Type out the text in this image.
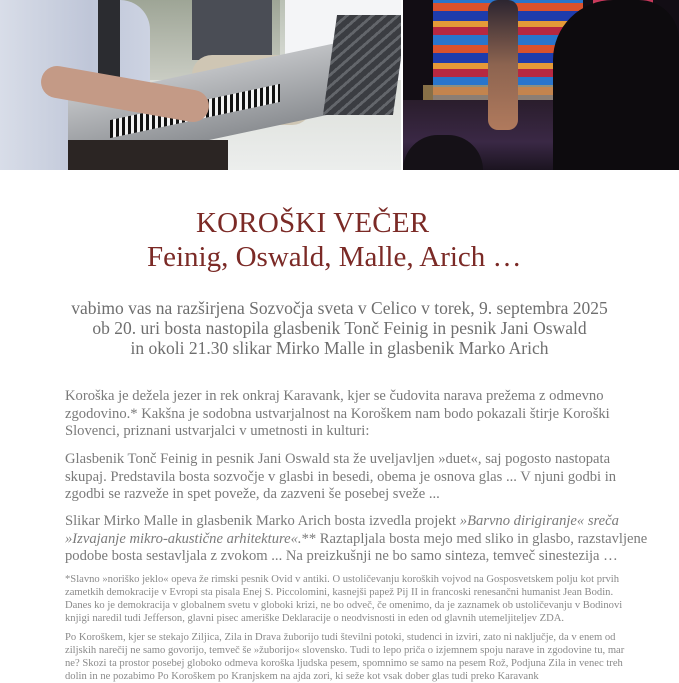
KOROŠKI VEČER
Feinig, Oswald, Malle, Arich …
vabimo vas na razširjena Sozvočja sveta v Celico v torek, 9. septembra 2025
ob 20. uri bosta nastopila glasbenik Tonč Feinig in pesnik Jani Oswald
in okoli 21.30 slikar Mirko Malle in glasbenik Marko Arich
Koroška je dežela jezer in rek onkraj Karavank, kjer se čudovita narava prežema z odmevno
zgodovino.* Kakšna je sodobna ustvarjalnost na Koroškem nam bodo pokazali štirje Koroški
Slovenci, priznani ustvarjalci v umetnosti in kulturi:
Glasbenik Tonč Feinig in pesnik Jani Oswald sta že uveljavljen »duet«, saj pogosto nastopata
skupaj. Predstavila bosta sozvočje v glasbi in besedi, obema je osnova glas ... V njuni godbi in
zgodbi se razveže in spet poveže, da zazveni še posebej sveže ...
Slikar Mirko Malle in glasbenik Marko Arich bosta izvedla projekt »Barvno dirigiranje« sreča
»Izvajanje mikro-akustične arhitekture«.** Raztapljala bosta mejo med sliko in glasbo, razstavljene
podobe bosta sestavljala z zvokom ... Na preizkušnji ne bo samo sinteza, temveč sinestezija …
*Slavno »noriško jeklo« opeva že rimski pesnik Ovid v antiki. O ustoličevanju koroških vojvod na Gosposvetskem polju kot prvih
zametkih demokracije v Evropi sta pisala Enej S. Piccolomini, kasnejši papež Pij II in francoski renesančni humanist Jean Bodin.
Danes ko je demokracija v globalnem svetu v globoki krizi, ne bo odveč, če omenimo, da je zaznamek ob ustoličevanju v Bodinovi
knjigi naredil tudi Jefferson, glavni pisec ameriške Deklaracije o neodvisnosti in eden od glavnih utemeljiteljev ZDA.
Po Koroškem, kjer se stekajo Ziljica, Zila in Drava žuborijo tudi številni potoki, studenci in izviri, zato ni naključje, da v enem od
ziljskih narečij ne samo govorijo, temveč še »žuborijo« slovensko. Tudi to lepo priča o izjemnem spoju narave in zgodovine tu, mar
ne? Skozi ta prostor posebej globoko odmeva koroška ljudska pesem, spomnimo se samo na pesem Rož, Podjuna Zila in venec treh
dolin in ne pozabimo Po Koroškem po Kranjskem na ajda zori, ki seže kot vsak dober glas tudi preko Karavank
